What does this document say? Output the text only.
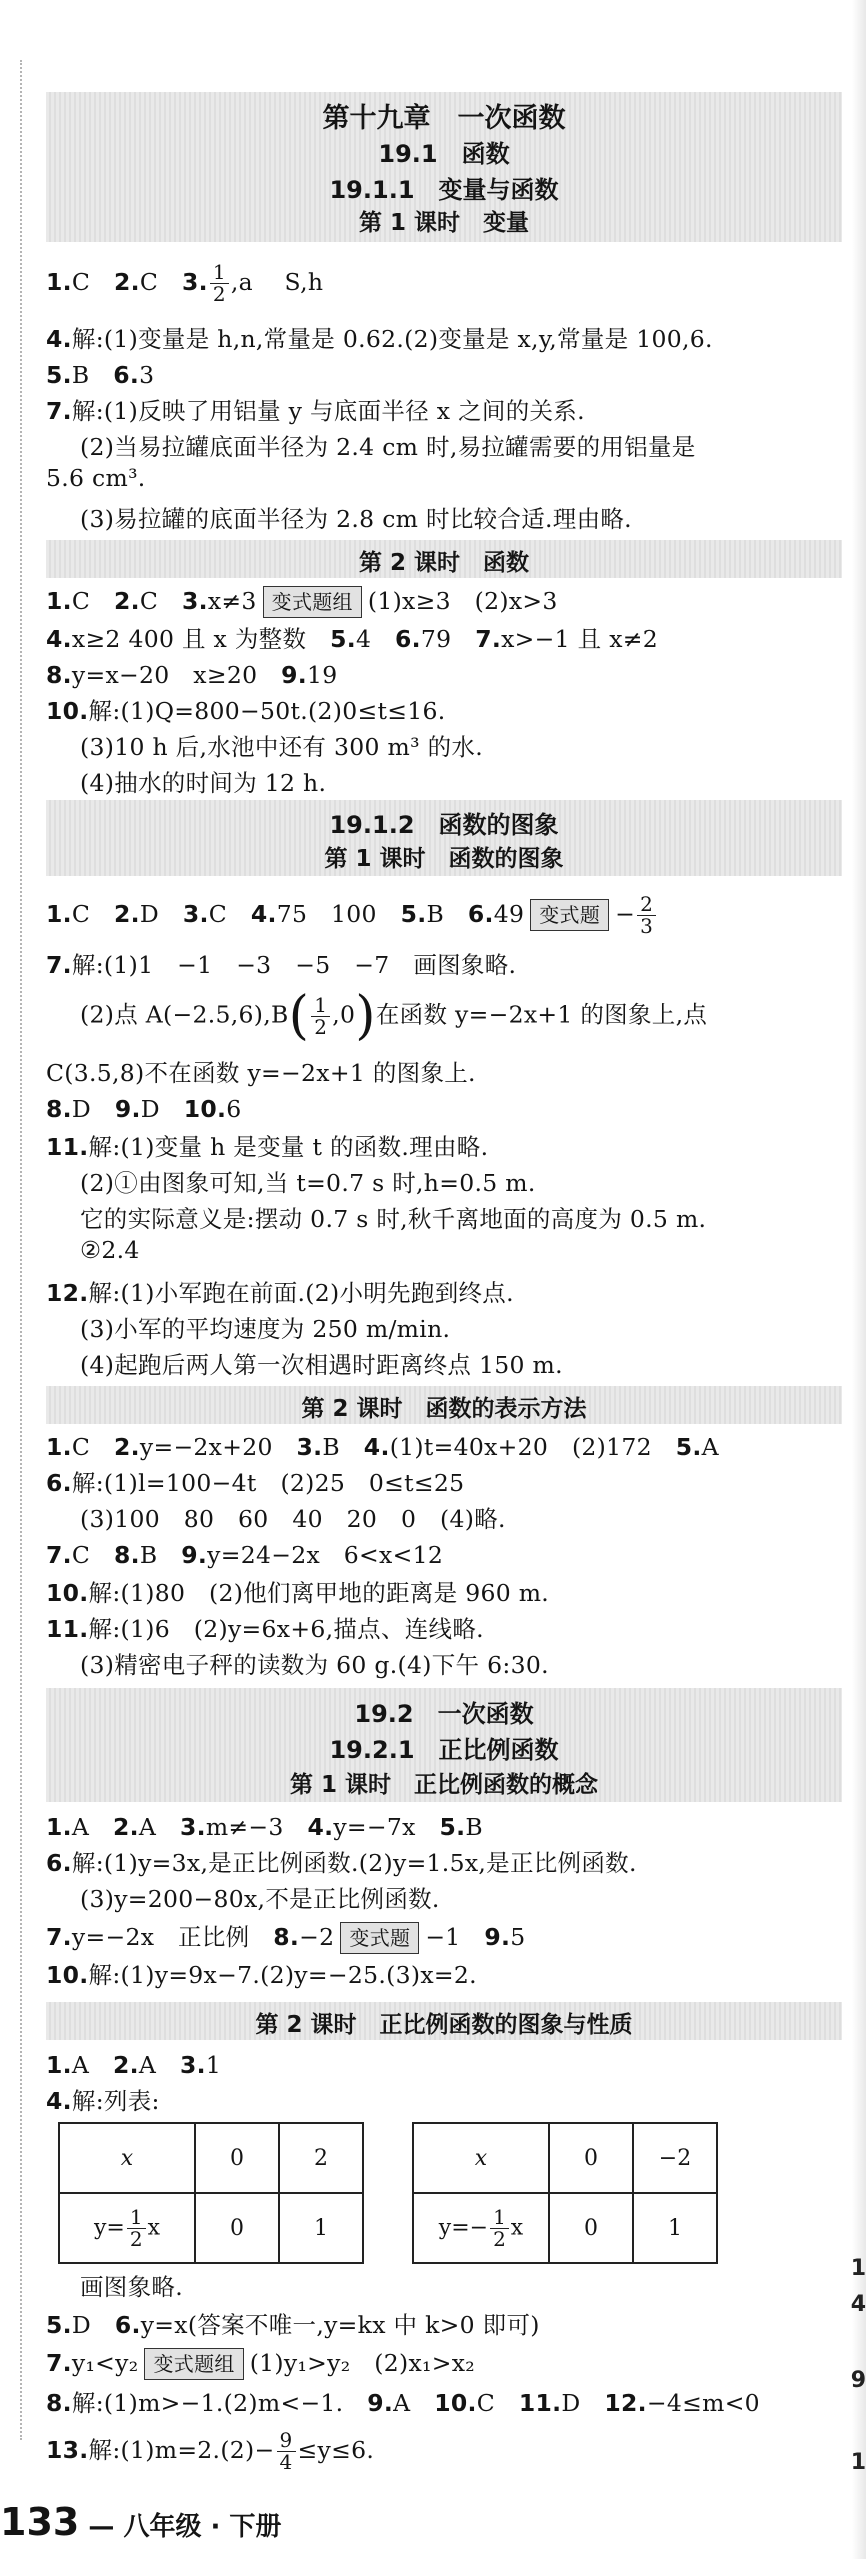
第十九章　一次函数
19.1　函数
19.1.1　变量与函数
第 1 课时　变量
1.C　2.C　3. $\frac{1}{2} ,a$　 S,h
4.解:(1)变量是 h,n,常量是 0.62.(2)变量是 x,y,常量是 100,6.
5.B　6.3
7.解:(1)反映了用铝量 y 与底面半径 x 之间的关系.
(2)当易拉罐底面半径为 2.4 cm 时,易拉罐需要的用铝量是
5.6 cm³.
(3)易拉罐的底面半径为 2.8 cm 时比较合适.理由略.
第 2 课时　函数
1.C　2.C　3.x≠3 变式题组 (1)x≥3　(2)x>3
4.x≥2 400 且 x 为整数　5.4　6.79　7.x>−1 且 x≠2
8.y=x−20　x≥20　9.19
10.解:(1)Q=800−50t.(2)0≤t≤16.
(3)10 h 后,水池中还有 300 m³ 的水.
(4)抽水的时间为 12 h.
19.1.2　函数的图象
第 1 课时　函数的图象
1.C　2.D　3.C　4.75　100　5.B　6.49 变式题 − $\frac{2}{3}$
7.解:(1)1　−1　−3　−5　−7　画图象略.
(2)点 $A(-2.5,6),B( \frac{1}{2} ,0)$在函数 y=−2x+1 的图象上,点
C(3.5,8)不在函数 y=−2x+1 的图象上.
8.D　9.D　10.6
11.解:(1)变量 h 是变量 t 的函数.理由略.
(2)①由图象可知,当 t=0.7 s 时,h=0.5 m.
它的实际意义是:摆动 0.7 s 时,秋千离地面的高度为 0.5 m.
②2.4
12.解:(1)小军跑在前面.(2)小明先跑到终点.
(3)小军的平均速度为 250 m/min.
(4)起跑后两人第一次相遇时距离终点 150 m.
第 2 课时　函数的表示方法
1.C　2.y=−2x+20　3.B　4.(1)t=40x+20　(2)172　5.A
6.解:(1)l=100−4t　(2)25　0≤t≤25
(3)100　80　60　40　20　0　(4)略.
7.C　8.B　9.y=24−2x　6<x<12
10.解:(1)80　(2)他们离甲地的距离是 960 m.
11.解:(1)6　(2)y=6x+6,描点、连线略.
(3)精密电子秤的读数为 60 g.(4)下午 6:30.
19.2　一次函数
19.2.1　正比例函数
第 1 课时　正比例函数的概念
1.A　2.A　3.m≠−3　4.y=−7x　5.B
6.解:(1)y=3x,是正比例函数.(2)y=1.5x,是正比例函数.
(3)y=200−80x,不是正比例函数.
7.y=−2x　正比例　8.−2 变式题 −1　9.5
10.解:(1)y=9x−7.(2)y=−25.(3)x=2.
第 2 课时　正比例函数的图象与性质
1.A　2.A　3.1
4.解:列表:
x	0	2
$y= \frac{1}{2}$ x	0	1
x	0	−2
$y=- \frac{1}{2}$ x	0	1
画图象略.
5.D　6.y=x(答案不唯一,y=kx 中 k>0 即可)
7.y₁<y₂ 变式题组 (1)y₁>y₂　(2)x₁>x₂
8.解:(1)m>−1.(2)m<−1.　9.A　10.C　11.D　12.−4≤m<0
13.解:(1)m=2.(2)− $\frac{9}{4} \le y\le 6$.
133 — 八年级 · 下册
1
4
9
1
